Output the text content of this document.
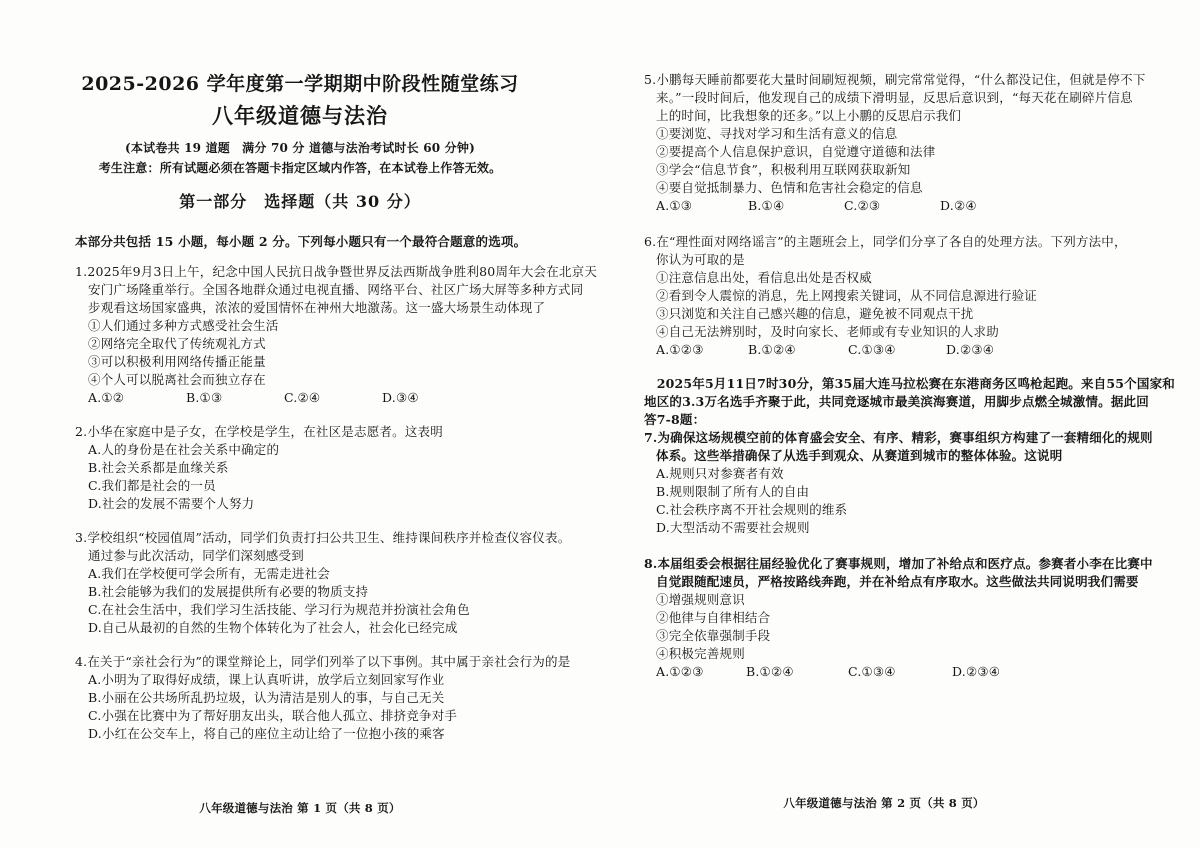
2025-2026 学年度第一学期期中阶段性随堂练习
八年级道德与法治
(本试卷共 19 道题　满分 70 分 道德与法治考试时长 60 分钟)
考生注意：所有试题必须在答题卡指定区域内作答，在本试卷上作答无效。
第一部分　选择题（共 30 分）
本部分共包括 15 小题，每小题 2 分。下列每小题只有一个最符合题意的选项。
1.2025年9月3日上午，纪念中国人民抗日战争暨世界反法西斯战争胜利80周年大会在北京天
安门广场隆重举行。全国各地群众通过电视直播、网络平台、社区广场大屏等多种方式同
步观看这场国家盛典，浓浓的爱国情怀在神州大地激荡。这一盛大场景生动体现了
①人们通过多种方式感受社会生活
②网络完全取代了传统观礼方式
③可以积极利用网络传播正能量
④个人可以脱离社会而独立存在
A.①②	B.①③	C.②④	D.③④
2.小华在家庭中是子女，在学校是学生，在社区是志愿者。这表明
A.人的身份是在社会关系中确定的
B.社会关系都是血缘关系
C.我们都是社会的一员
D.社会的发展不需要个人努力
3.学校组织“校园值周”活动，同学们负责打扫公共卫生、维持课间秩序并检查仪容仪表。
通过参与此次活动，同学们深刻感受到
A.我们在学校便可学会所有，无需走进社会
B.社会能够为我们的发展提供所有必要的物质支持
C.在社会生活中，我们学习生活技能、学习行为规范并扮演社会角色
D.自己从最初的自然的生物个体转化为了社会人，社会化已经完成
4.在关于“亲社会行为”的课堂辩论上，同学们列举了以下事例。其中属于亲社会行为的是
A.小明为了取得好成绩，课上认真听讲，放学后立刻回家写作业
B.小丽在公共场所乱扔垃圾，认为清洁是别人的事，与自己无关
C.小强在比赛中为了帮好朋友出头，联合他人孤立、排挤竞争对手
D.小红在公交车上，将自己的座位主动让给了一位抱小孩的乘客
八年级道德与法治 第 1 页（共 8 页）
5.小鹏每天睡前都要花大量时间刷短视频，刷完常常觉得，“什么都没记住，但就是停不下
来。”一段时间后，他发现自己的成绩下滑明显，反思后意识到，“每天花在刷碎片信息
上的时间，比我想象的还多。”以上小鹏的反思启示我们
①要浏览、寻找对学习和生活有意义的信息
②要提高个人信息保护意识，自觉遵守道德和法律
③学会“信息节食”，积极利用互联网获取新知
④要自觉抵制暴力、色情和危害社会稳定的信息
A.①③	B.①④	C.②③	D.②④
6.在“理性面对网络谣言”的主题班会上，同学们分享了各自的处理方法。下列方法中，
你认为可取的是
①注意信息出处，看信息出处是否权威
②看到令人震惊的消息，先上网搜索关键词，从不同信息源进行验证
③只浏览和关注自己感兴趣的信息，避免被不同观点干扰
④自己无法辨别时，及时向家长、老师或有专业知识的人求助
A.①②③	B.①②④	C.①③④	D.②③④
　2025年5月11日7时30分，第35届大连马拉松赛在东港商务区鸣枪起跑。来自55个国家和
地区的3.3万名选手齐聚于此，共同竞逐城市最美滨海赛道，用脚步点燃全城激情。据此回
答7-8题：
7.为确保这场规模空前的体育盛会安全、有序、精彩，赛事组织方构建了一套精细化的规则
体系。这些举措确保了从选手到观众、从赛道到城市的整体体验。这说明
A.规则只对参赛者有效
B.规则限制了所有人的自由
C.社会秩序离不开社会规则的维系
D.大型活动不需要社会规则
8.本届组委会根据往届经验优化了赛事规则，增加了补给点和医疗点。参赛者小李在比赛中
自觉跟随配速员，严格按路线奔跑，并在补给点有序取水。这些做法共同说明我们需要
①增强规则意识
②他律与自律相结合
③完全依靠强制手段
④积极完善规则
A.①②③	B.①②④	C.①③④	D.②③④
八年级道德与法治 第 2 页（共 8 页）
